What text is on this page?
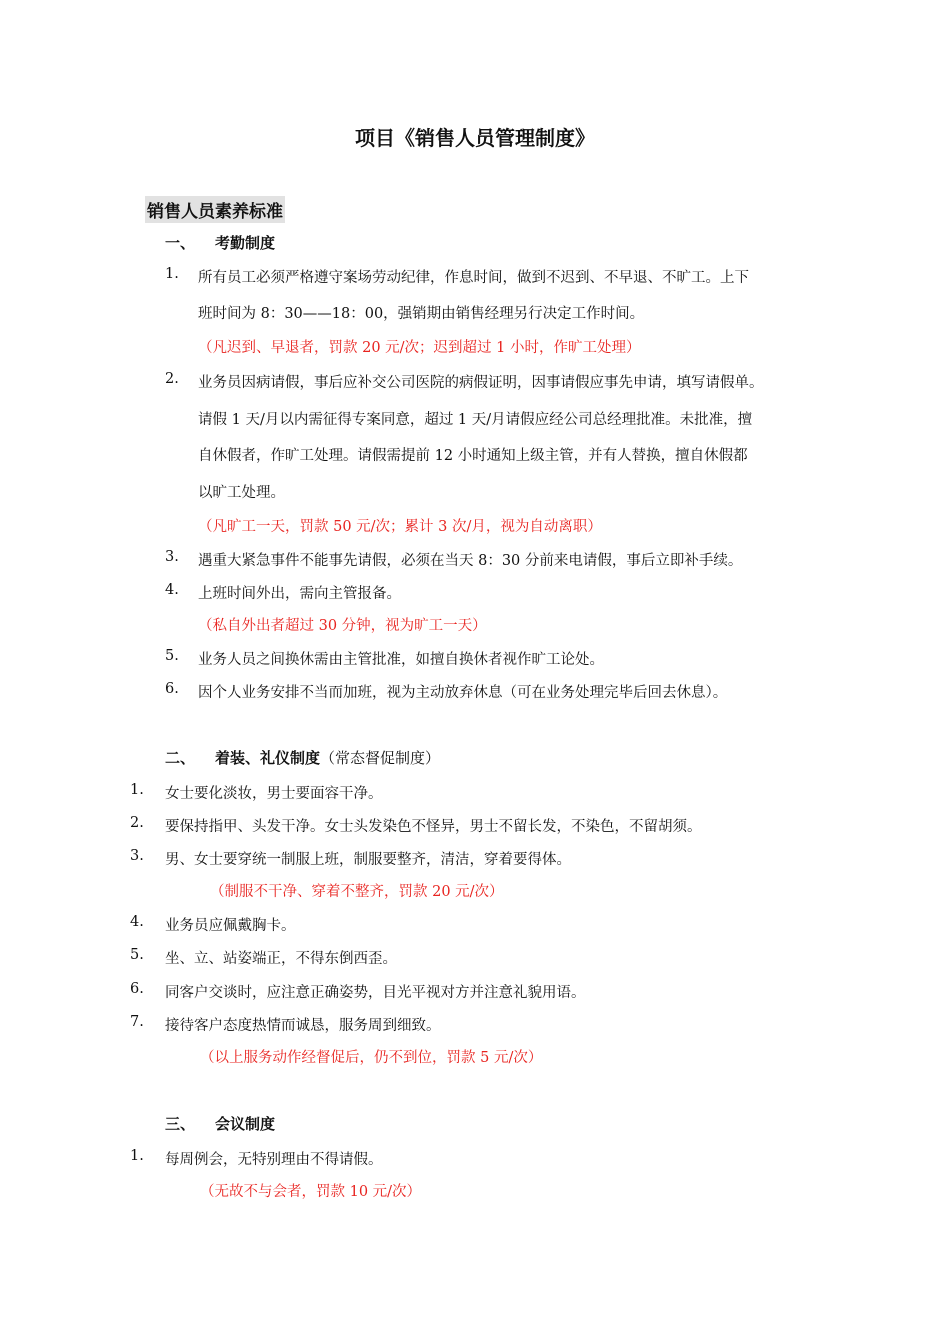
项目《销售人员管理制度》
销售人员素养标准
一、 考勤制度
1. 所有员工必须严格遵守案场劳动纪律，作息时间，做到不迟到、不早退、不旷工。上下
班时间为 8：30——18：00，强销期由销售经理另行决定工作时间。
（凡迟到、早退者，罚款 20 元/次；迟到超过 1 小时，作旷工处理）
2. 业务员因病请假，事后应补交公司医院的病假证明，因事请假应事先申请，填写请假单。
请假 1 天/月以内需征得专案同意，超过 1 天/月请假应经公司总经理批准。未批准，擅
自休假者，作旷工处理。请假需提前 12 小时通知上级主管，并有人替换，擅自休假都
以旷工处理。
（凡旷工一天，罚款 50 元/次；累计 3 次/月，视为自动离职）
3. 遇重大紧急事件不能事先请假，必须在当天 8：30 分前来电请假，事后立即补手续。
4. 上班时间外出，需向主管报备。
（私自外出者超过 30 分钟，视为旷工一天）
5. 业务人员之间换休需由主管批准，如擅自换休者视作旷工论处。
6. 因个人业务安排不当而加班，视为主动放弃休息（可在业务处理完毕后回去休息）。
二、 着装、礼仪制度（常态督促制度）
1. 女士要化淡妆，男士要面容干净。
2. 要保持指甲、头发干净。女士头发染色不怪异，男士不留长发，不染色，不留胡须。
3. 男、女士要穿统一制服上班，制服要整齐，清洁，穿着要得体。
（制服不干净、穿着不整齐，罚款 20 元/次）
4. 业务员应佩戴胸卡。
5. 坐、立、站姿端正，不得东倒西歪。
6. 同客户交谈时，应注意正确姿势，目光平视对方并注意礼貌用语。
7. 接待客户态度热情而诚恳，服务周到细致。
（以上服务动作经督促后，仍不到位，罚款 5 元/次）
三、 会议制度
1. 每周例会，无特别理由不得请假。
（无故不与会者，罚款 10 元/次）
